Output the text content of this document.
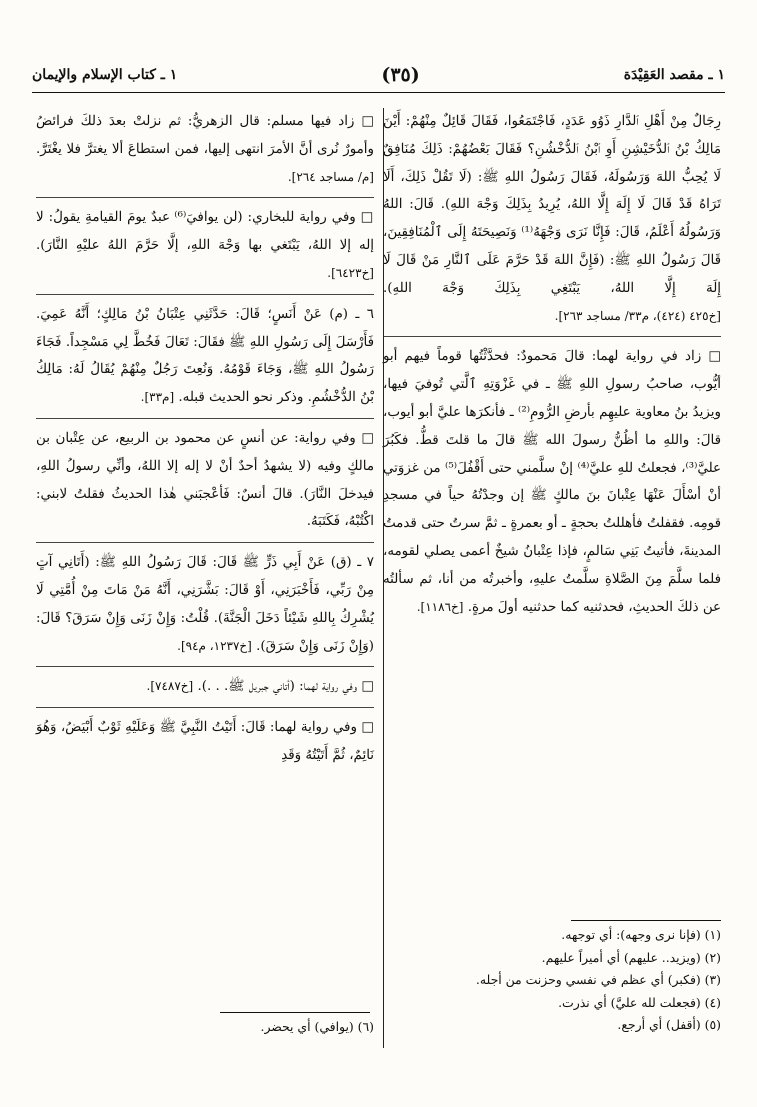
١ ـ مقصد العَقِيْدَة
(٣٥)
١ ـ كتاب الإسلام والإيمان
رِجَالٌ مِنْ أَهْلِ ٱلدَّارِ ذَوُو عَدَدٍ، فَاجْتَمَعُوا، فَقَالَ قَائِلٌ مِنْهُمْ: أَيْنَ مَالِكُ بْنُ ٱلدُّخَيْشِنِ أَوِ ٱبْنُ ٱلدُّخْشُنِ؟ فَقَالَ بَعْضُهُمْ: ذَلِكَ مُنَافِقٌ لَا يُحِبُّ اللهَ وَرَسُولَهُ، فَقَالَ رَسُولُ اللهِ ﷺ: (لَا تَقُلْ ذَلِكَ، أَلَا تَرَاهُ قَدْ قَالَ لَا إِلَهَ إِلَّا اللهُ، يُرِيدُ بِذَلِكَ وَجْهَ اللهِ). قَالَ: اللهُ وَرَسُولُهُ أَعْلَمُ، قَالَ: فَإِنَّا نَرَى وَجْهَهُ⁽¹⁾ وَنَصِيحَتَهُ إِلَى ٱلْمُنَافِقِينَ، قَالَ رَسُولُ اللهِ ﷺ: (فَإِنَّ اللهَ قَدْ حَرَّمَ عَلَى ٱلنَّارِ مَنْ قَالَ لَا إِلَهَ إِلَّا اللهُ، يَبْتَغِي بِذَلِكَ وَجْهَ اللهِ). [خ٤٢٥ (٤٢٤)، م٣٣/ مساجد ٢٦٣].
□ زاد في رواية لهما: قالَ مَحمودٌ: فحدَّثْتُها قوماً فيهم أبو أيُّوب، صاحبُ رسولِ اللهِ ﷺ ـ في غَزْوَتِهِ ٱلَّتي تُوفيَ فيها، ويزيدُ بنُ معاوية عليهِم بأرضِ الرُّومِ⁽²⁾ ـ فأنكرَها عليَّ أبو أيوب، قالَ: واللهِ ما أظُنُّ رسولَ الله ﷺ قالَ ما قلتَ قطُّ. فكَبُرَ عليَّ⁽³⁾، فجعلتُ للهِ عليَّ⁽⁴⁾ إنْ سلَّمني حتى أَقْفُلَ⁽⁵⁾ من غزوَتي أنْ أسْأَلَ عَنْهَا عِتْبانَ بنَ مالكٍ ﷺ إن وجدْتُهُ حياً في مسجدِ قومِه. فقفلتُ فأهللتُ بحجةٍ ـ أو بعمرةٍ ـ ثمَّ سرتُ حتى قدمتُ المدينةَ، فأتيتُ بَنِي سَالمٍ، فإذا عِتْبانُ شيخٌ أعمى يصلي لقومه، فلما سلَّمَ مِنَ الصَّلاةِ سلَّمتُ عليهِ، وأخبرتُه من أنا، ثم سألتُه عن ذلكَ الحديثِ، فحدثنيه كما حدثنيه أولَ مرةٍ. [خ١١٨٦].
□ زاد فيها مسلم: قال الزهريُّ: ثم نزلتْ بعدَ ذلكَ فرائضُ وأمورٌ نُرى أنَّ الأمرَ انتهى إليها، فمن استطاعَ ألا يغترَّ فلا يغْتَرَّ. [م/ مساجد ٢٦٤].
□ وفي رواية للبخاري: (لن يوافيَ⁽⁶⁾ عبدٌ يومَ القيامةِ يقولُ: لا إله إلا اللهُ، يَبْتَغي بها وَجْهَ اللهِ، إلَّا حَرَّمَ اللهُ عليْهِ النَّارَ). [خ٦٤٢٣].
٦ ـ (م) عَنْ أَنَسٍ؛ قَالَ: حَدَّثَنِي عِتْبَانُ بْنُ مَالِكٍ؛ أَنَّهُ عَمِيَ. فَأَرْسَلَ إِلَى رَسُولِ اللهِ ﷺ فقَالَ: تَعَالَ فَخُطَّ لِي مَسْجِداً. فَجَاءَ رَسُولُ اللهِ ﷺ، وَجَاءَ قَوْمُهُ. وَنُعِتَ رَجُلٌ مِنْهُمْ يُقَالُ لَهُ: مَالِكُ بْنُ الدُّخْشُمِ. وذكر نحو الحديث قبله. [م٣٣].
□ وفي رواية: عن أنسٍ عن محمود بن الربيع، عن عِتْبان بن مالكٍ وفيه (لا يشهدُ أحدٌ أنْ لا إله إلا اللهُ، وأنِّي رسولُ اللهِ، فيدخلَ النَّارَ). قالَ أنسٌ: فَأعْجبَني هٰذا الحديثُ فقلتُ لابني: اكْتُبْهُ، فَكَتَبَهُ.
٧ ـ (ق) عَنْ أَبِي ذَرٍّ ﷺ قَالَ: قَالَ رَسُولُ اللهِ ﷺ: (أَتَانِي آتٍ مِنْ رَبِّي، فَأَخْبَرَنِي، أَوْ قَالَ: بَشَّرَنِي، أَنَّهُ مَنْ مَاتَ مِنْ أُمَّتِي لَا يُشْرِكُ بِاللهِ شَيْئاً دَخَلَ الْجَنَّةَ). قُلْتُ: وَإِنْ زَنَى وَإِنْ سَرَقَ؟ قَالَ: (وَإِنْ زَنَى وَإِنْ سَرَقَ). [خ١٢٣٧، م٩٤].
□ وفي رواية لهما: (أتاني جبريل ﷺ. . .). [خ٧٤٨٧].
□ وفي رواية لهما: قَالَ: أَتَيْتُ النَّبِيَّ ﷺ وَعَلَيْهِ ثَوْبٌ أَبْيَضُ، وَهُوَ نَائِمٌ، ثُمَّ أَتَيْتُهُ وَقَدِ
(١) (فإنا نرى وجهه): أي توجهه.
(٢) (ويزيد.. عليهم) أي أميراً عليهم.
(٣) (فكبر) أي عظم في نفسي وحزنت من أجله.
(٤) (فجعلت لله عليَّ) أي نذرت.
(٥) (أقفل) أي أرجع.
(٦) (يوافي) أي يحضر.
